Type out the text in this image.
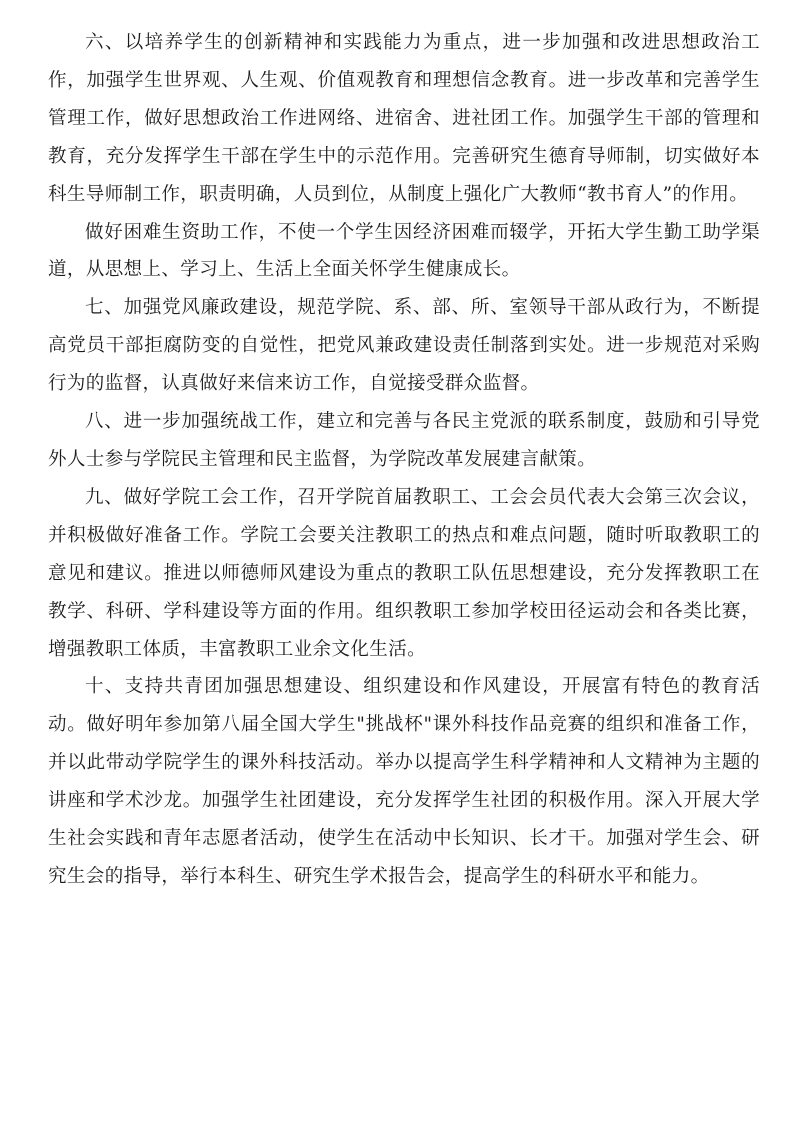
六、以培养学生的创新精神和实践能力为重点，进一步加强和改进思想政治工作，加强学生世界观、人生观、价值观教育和理想信念教育。进一步改革和完善学生管理工作，做好思想政治工作进网络、进宿舍、进社团工作。加强学生干部的管理和教育，充分发挥学生干部在学生中的示范作用。完善研究生德育导师制，切实做好本科生导师制工作，职责明确，人员到位，从制度上强化广大教师“教书育人”的作用。

做好困难生资助工作，不使一个学生因经济困难而辍学，开拓大学生勤工助学渠道，从思想上、学习上、生活上全面关怀学生健康成长。

七、加强党风廉政建设，规范学院、系、部、所、室领导干部从政行为，不断提高党员干部拒腐防变的自觉性，把党风兼政建设责任制落到实处。进一步规范对采购行为的监督，认真做好来信来访工作，自觉接受群众监督。

八、进一步加强统战工作，建立和完善与各民主党派的联系制度，鼓励和引导党外人士参与学院民主管理和民主监督，为学院改革发展建言献策。

九、做好学院工会工作，召开学院首届教职工、工会会员代表大会第三次会议，并积极做好准备工作。学院工会要关注教职工的热点和难点问题，随时听取教职工的意见和建议。推进以师德师风建设为重点的教职工队伍思想建设，充分发挥教职工在教学、科研、学科建设等方面的作用。组织教职工参加学校田径运动会和各类比赛，增强教职工体质，丰富教职工业余文化生活。

十、支持共青团加强思想建设、组织建设和作风建设，开展富有特色的教育活动。做好明年参加第八届全国大学生"挑战杯"课外科技作品竞赛的组织和准备工作，并以此带动学院学生的课外科技活动。举办以提高学生科学精神和人文精神为主题的讲座和学术沙龙。加强学生社团建设，充分发挥学生社团的积极作用。深入开展大学生社会实践和青年志愿者活动，使学生在活动中长知识、长才干。加强对学生会、研究生会的指导，举行本科生、研究生学术报告会，提高学生的科研水平和能力。
